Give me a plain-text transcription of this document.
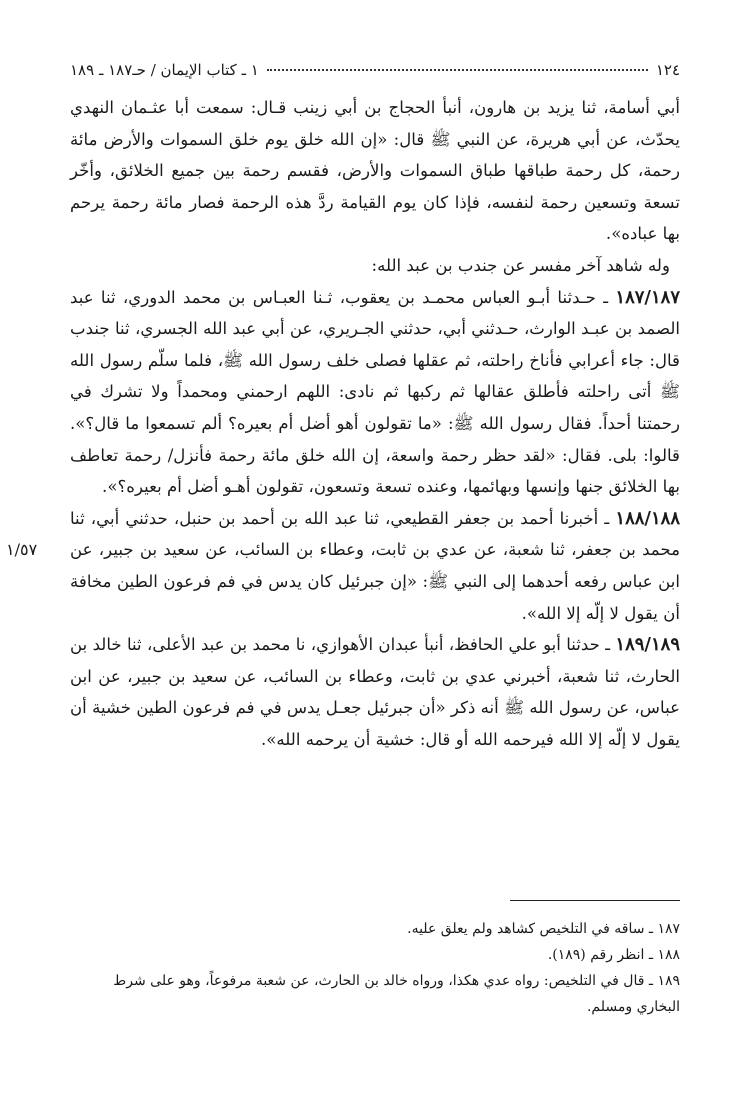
١٢٤
١ ـ كتاب الإيمان / حـ١٨٧ ـ ١٨٩

أبي أسامة، ثنا يزيد بن هارون، أنبأ الحجاج بن أبي زينب قـال: سمعت أبا عثـمان النهدي يحدّث، عن أبي هريرة، عن النبي ﷺ قال: «إن الله خلق يوم خلق السموات والأرض مائة رحمة، كل رحمة طباقها طباق السموات والأرض، فقسم رحمة بين جميع الخلائق، وأخّر تسعة وتسعين رحمة لنفسه، فإذا كان يوم القيامة ردَّ هذه الرحمة فصار مائة رحمة يرحم بها عباده».

وله شاهد آخر مفسر عن جندب بن عبد الله:

١٨٧/١٨٧ ـ حـدثنا أبـو العباس محمـد بن يعقوب، ثـنا العبـاس بن محمد الدوري، ثنا عبد الصمد بن عبـد الوارث، حـدثني أبي، حدثني الجـريري، عن أبي عبد الله الجسري، ثنا جندب قال: جاء أعرابي فأناخ راحلته، ثم عقلها فصلى خلف رسول الله ﷺ، فلما سلّم رسول الله ﷺ أتى راحلته فأطلق عقالها ثم ركبها ثم نادى: اللهم ارحمني ومحمداً ولا تشرك في رحمتنا أحداً. فقال رسول الله ﷺ: «ما تقولون أهو أضل أم بعيره؟ ألم تسمعوا ما قال؟». قالوا: بلى. فقال: «لقد حظر رحمة واسعة، إن الله خلق مائة رحمة فأنزل/ رحمة تعاطف بها الخلائق جنها وإنسها وبهائمها، وعنده تسعة وتسعون، تقولون أهـو أضل أم بعيره؟».

١٨٨/١٨٨ ـ أخبرنا أحمد بن جعفر القطيعي، ثنا عبد الله بن أحمد بن حنبل، حدثني أبي، ثنا محمد بن جعفر، ثنا شعبة، عن عدي بن ثابت، وعطاء بن السائب، عن سعيد بن جبير، عن ابن عباس رفعه أحدهما إلى النبي ﷺ: «إن جبرئيل كان يدس في فم فرعون الطين مخافة أن يقول لا إلّه إلا الله».

١٨٩/١٨٩ ـ حدثنا أبو علي الحافظ، أنبأ عبدان الأهوازي، نا محمد بن عبد الأعلى، ثنا خالد بن الحارث، ثنا شعبة، أخبرني عدي بن ثابت، وعطاء بن السائب، عن سعيد بن جبير، عن ابن عباس، عن رسول الله ﷺ أنه ذكر «أن جبرئيل جعـل يدس في فم فرعون الطين خشية أن يقول لا إلّه إلا الله فيرحمه الله أو قال: خشية أن يرحمه الله».

١/٥٧

١٨٧ ـ ساقه في التلخيص كشاهد ولم يعلق عليه.

١٨٨ ـ انظر رقم (١٨٩).

١٨٩ ـ قال في التلخيص: رواه عدي هكذا، ورواه خالد بن الحارث، عن شعبة مرفوعاً، وهو على شرط البخاري ومسلم.
